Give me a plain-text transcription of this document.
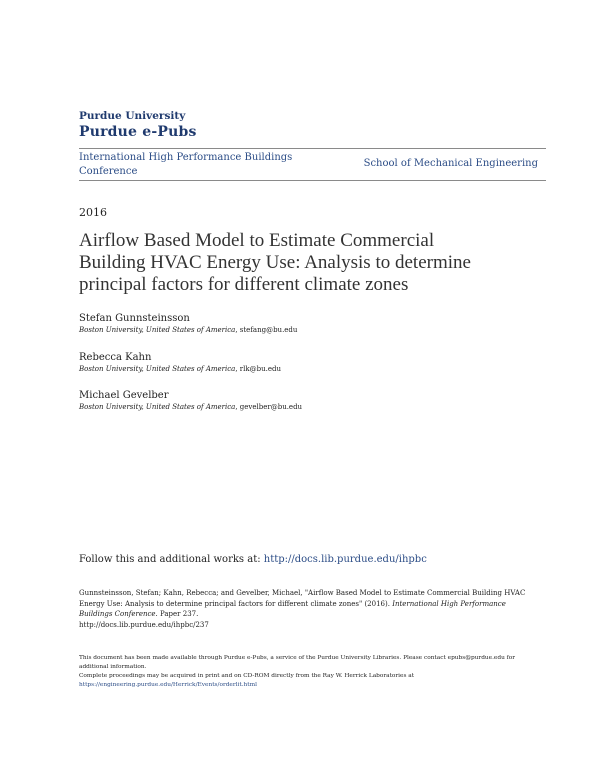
Purdue University
Purdue e-Pubs
International High Performance Buildings
Conference
School of Mechanical Engineering
2016
Airflow Based Model to Estimate Commercial
Building HVAC Energy Use: Analysis to determine
principal factors for different climate zones
Stefan Gunnsteinsson
Boston University, United States of America, stefang@bu.edu
Rebecca Kahn
Boston University, United States of America, rlk@bu.edu
Michael Gevelber
Boston University, United States of America, gevelber@bu.edu
Follow this and additional works at: http://docs.lib.purdue.edu/ihpbc
Gunnsteinsson, Stefan; Kahn, Rebecca; and Gevelber, Michael, "Airflow Based Model to Estimate Commercial Building HVAC Energy Use: Analysis to determine principal factors for different climate zones" (2016). International High Performance Buildings Conference. Paper 237.
http://docs.lib.purdue.edu/ihpbc/237
This document has been made available through Purdue e-Pubs, a service of the Purdue University Libraries. Please contact epubs@purdue.edu for additional information.
Complete proceedings may be acquired in print and on CD-ROM directly from the Ray W. Herrick Laboratories at https://engineering.purdue.edu/Herrick/Events/orderlit.html
